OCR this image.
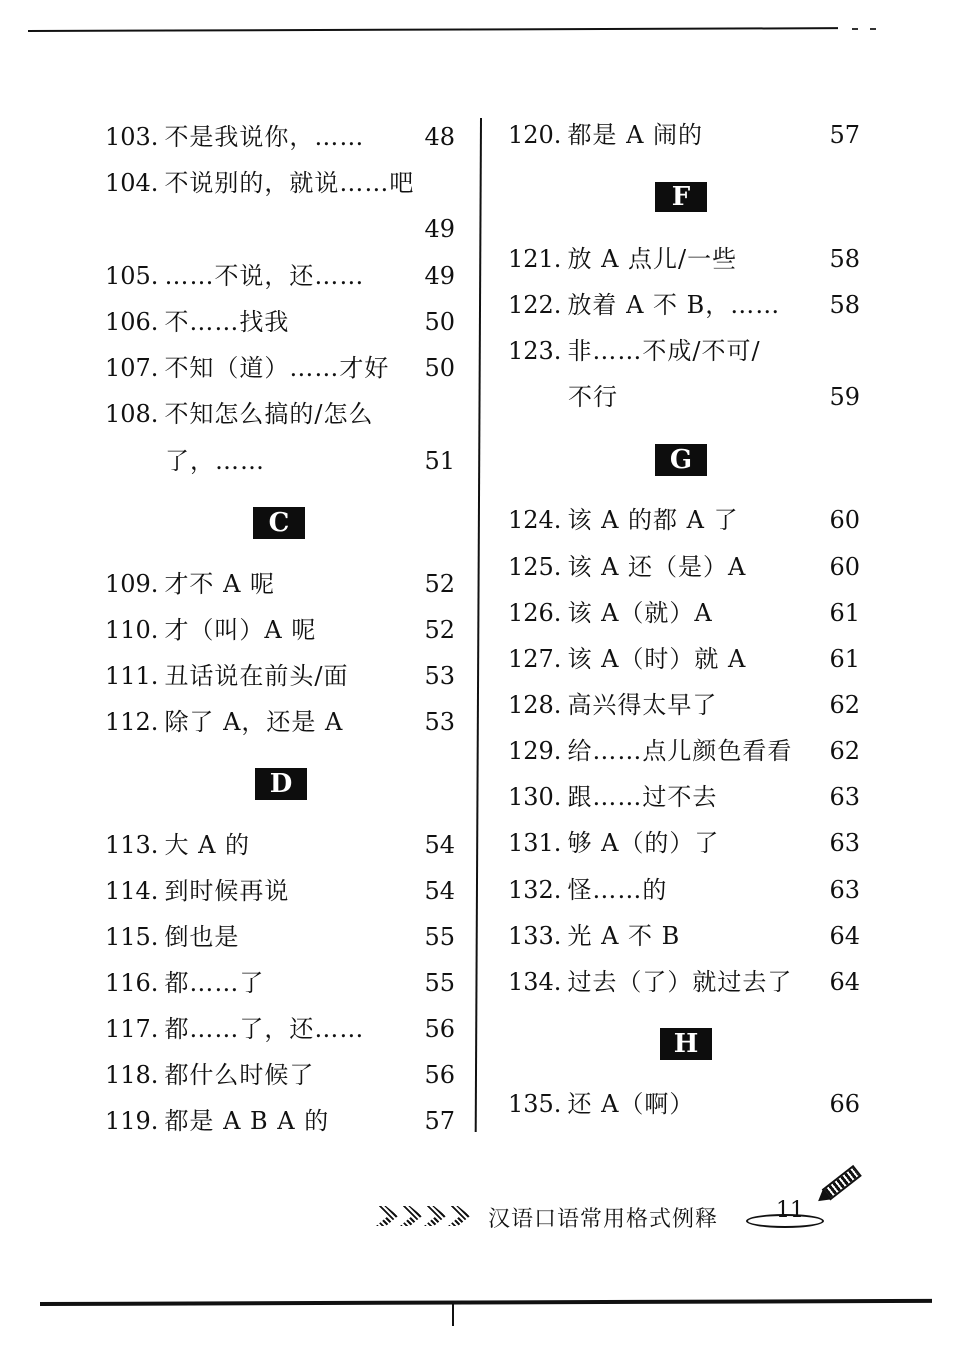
103. 不是我说你，……	48
104. 不说别的，就说……吧
49
105. ……不说，还……	49
106. 不……找我	50
107. 不知（道）……才好 50
108. 不知怎么搞的/怎么
了，……	51
C
109. 才不 A 呢	52
110. 才（叫）A 呢	52
111. 丑话说在前头/面	53
112. 除了 A，还是 A	53
D
113. 大 A 的	54
114. 到时候再说	54
115. 倒也是	55
116. 都……了	55
117. 都……了，还……	56
118. 都什么时候了	56
119. 都是 A B A 的	57
120. 都是 A 闹的	57
F
121. 放 A 点儿/一些	58
122. 放着 A 不 B，…… 58
123. 非……不成/不可/
不行	59
G
124. 该 A 的都 A 了	60
125. 该 A 还（是）A	60
126. 该 A（就）A	61
127. 该 A（时）就 A	61
128. 高兴得太早了	62
129. 给……点儿颜色看看 62
130. 跟……过不去	63
131. 够 A（的）了	63
132. 怪……的	63
133. 光 A 不 B	64
134. 过去（了）就过去了 64
H
135. 还 A（啊）	66
汉语口语常用格式例释	11
